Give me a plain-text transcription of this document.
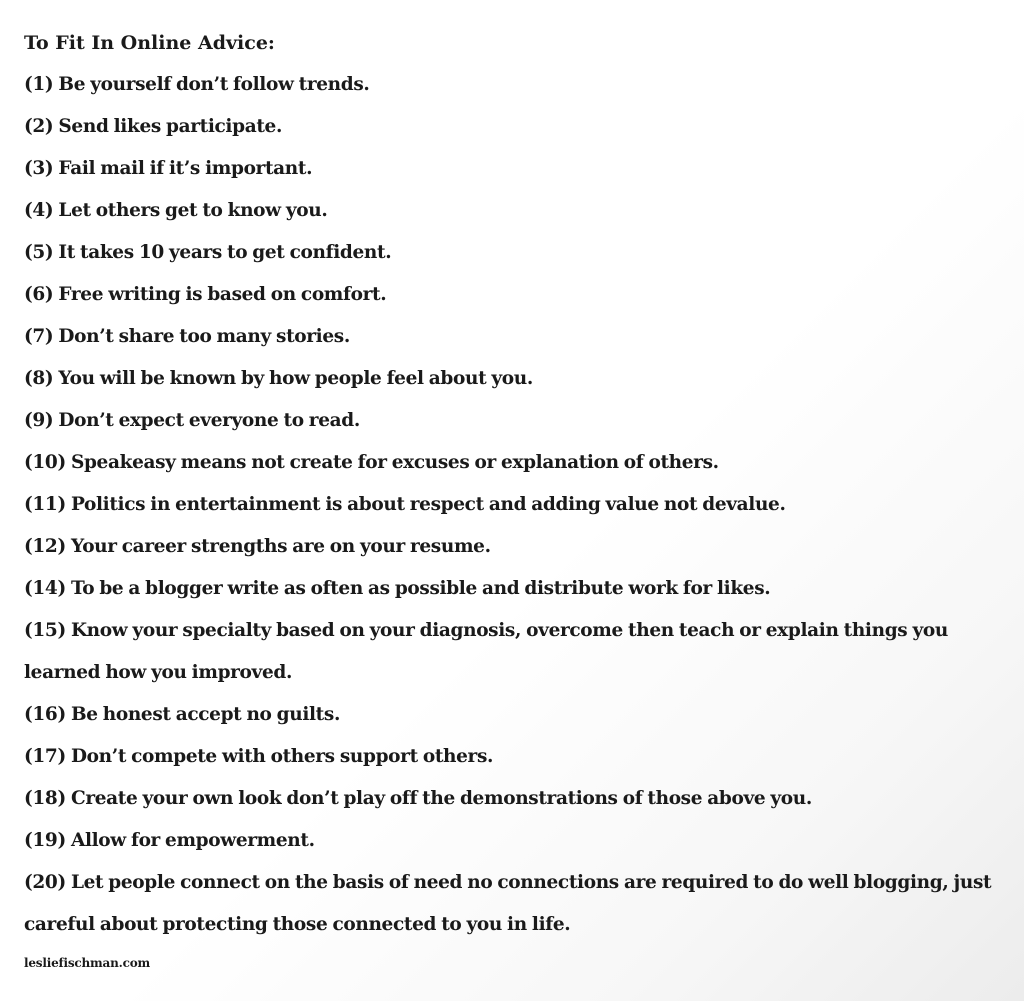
To Fit In Online Advice:
(1) Be yourself don’t follow trends.
(2) Send likes participate.
(3) Fail mail if it’s important.
(4) Let others get to know you.
(5) It takes 10 years to get confident.
(6) Free writing is based on comfort.
(7) Don’t share too many stories.
(8) You will be known by how people feel about you.
(9) Don’t expect everyone to read.
(10) Speakeasy means not create for excuses or explanation of others.
(11) Politics in entertainment is about respect and adding value not devalue.
(12) Your career strengths are on your resume.
(14) To be a blogger write as often as possible and distribute work for likes.
(15) Know your specialty based on your diagnosis, overcome then teach or explain things you learned how you improved.
(16) Be honest accept no guilts.
(17) Don’t compete with others support others.
(18) Create your own look don’t play off the demonstrations of those above you.
(19) Allow for empowerment.
(20) Let people connect on the basis of need no connections are required to do well blogging, just careful about protecting those connected to you in life.
lesliefischman.com
